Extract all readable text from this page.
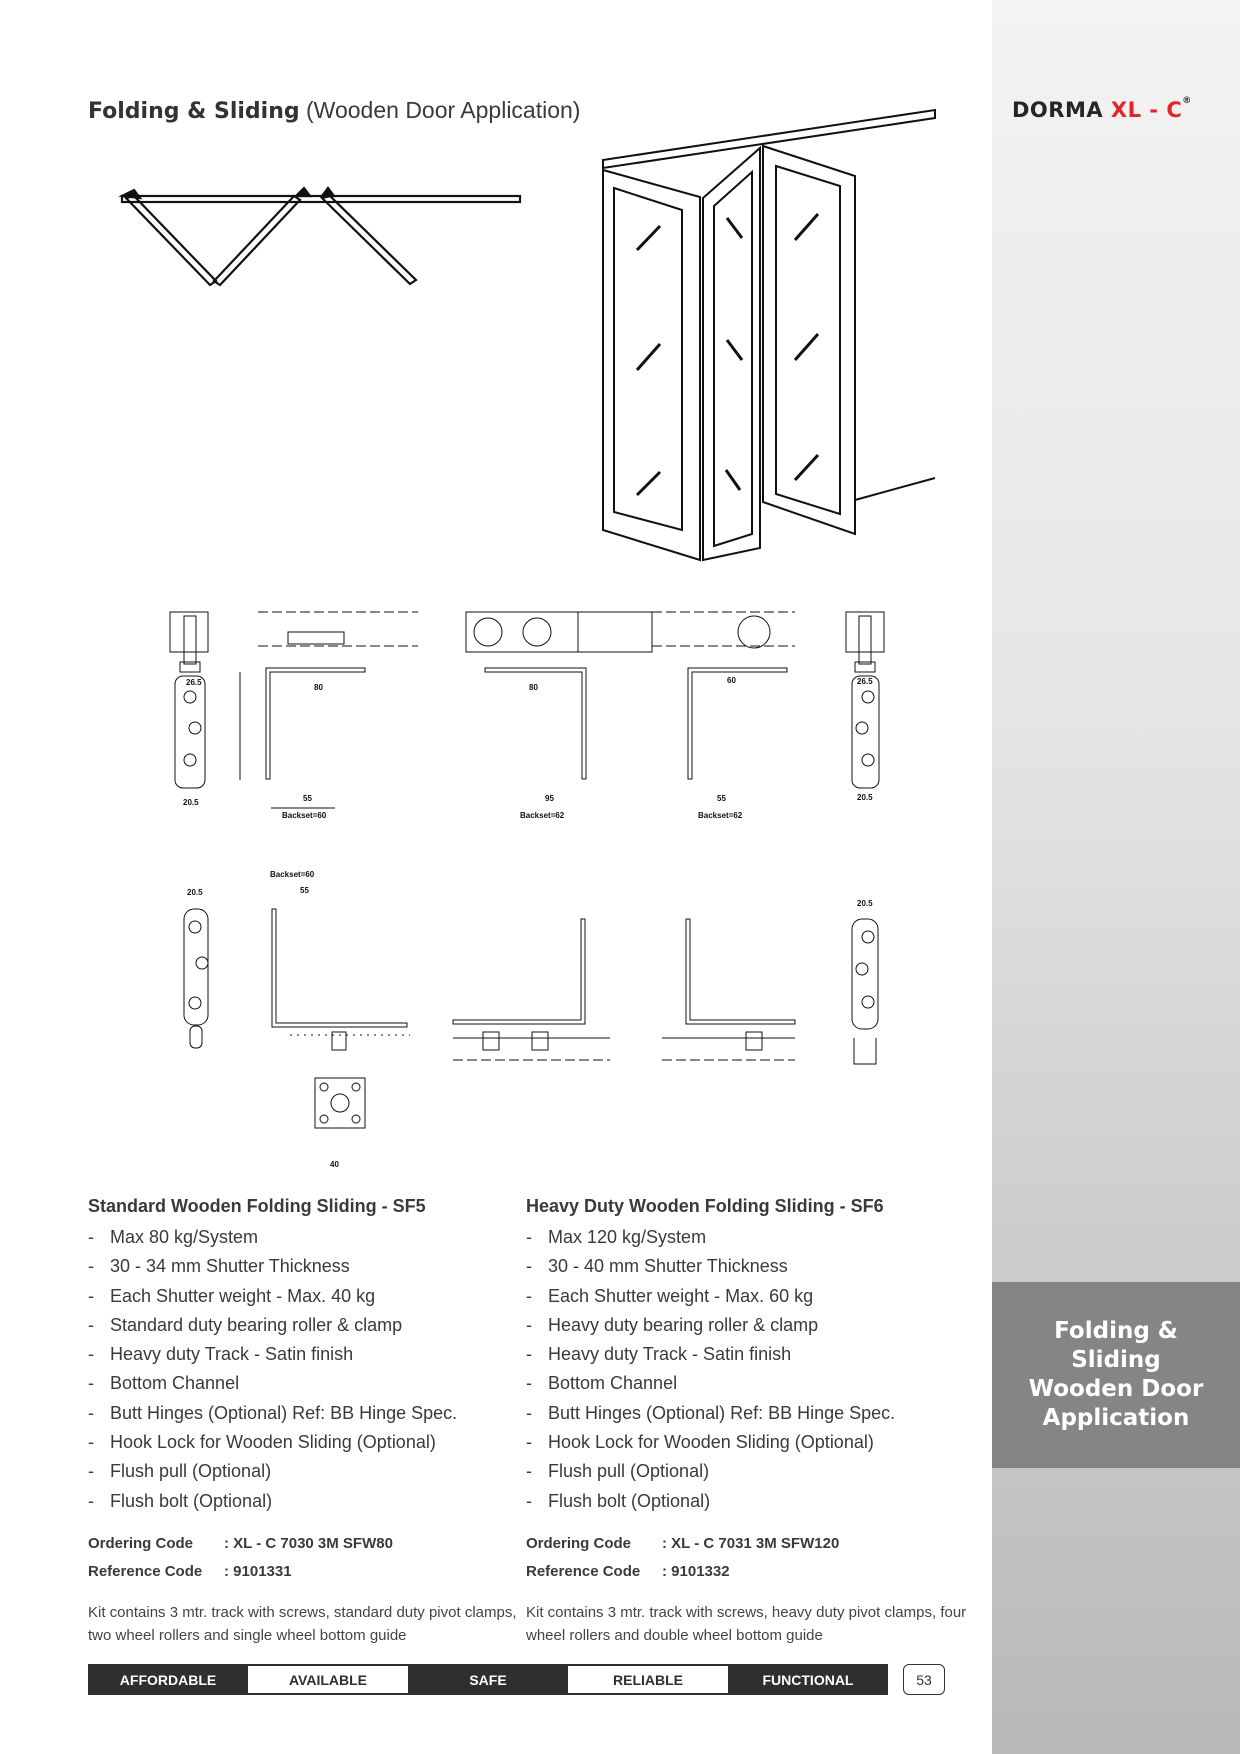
Folding & Sliding Wooden Door Application
Folding & Sliding (Wooden Door Application)	DORMA XL - C®
26.5
20.5
80
55
Backset=60
80
95
Backset=62
60
55
Backset=62
26.5
20.5
20.5
Backset=60
55
40
20.5
Standard Wooden Folding Sliding - SF5
- Max 80 kg/System
- 30 - 34 mm Shutter Thickness
- Each Shutter weight - Max. 40 kg
- Standard duty bearing roller & clamp
- Heavy duty Track - Satin finish
- Bottom Channel
- Butt Hinges (Optional) Ref: BB Hinge Spec.
- Hook Lock for Wooden Sliding (Optional)
- Flush pull (Optional)
- Flush bolt (Optional)
Heavy Duty Wooden Folding Sliding - SF6
- Max 120 kg/System
- 30 - 40 mm Shutter Thickness
- Each Shutter weight - Max. 60 kg
- Heavy duty bearing roller & clamp
- Heavy duty Track - Satin finish
- Bottom Channel
- Butt Hinges (Optional) Ref: BB Hinge Spec.
- Hook Lock for Wooden Sliding (Optional)
- Flush pull (Optional)
- Flush bolt (Optional)
Ordering Code : XL - C 7030 3M SFW80
Reference Code : 9101331
Ordering Code : XL - C 7031 3M SFW120
Reference Code : 9101332
Kit contains 3 mtr. track with screws, standard duty pivot clamps, two wheel rollers and single wheel bottom guide
Kit contains 3 mtr. track with screws, heavy duty pivot clamps, four wheel rollers and double wheel bottom guide
AFFORDABLE	AVAILABLE	SAFE	RELIABLE	FUNCTIONAL	53
